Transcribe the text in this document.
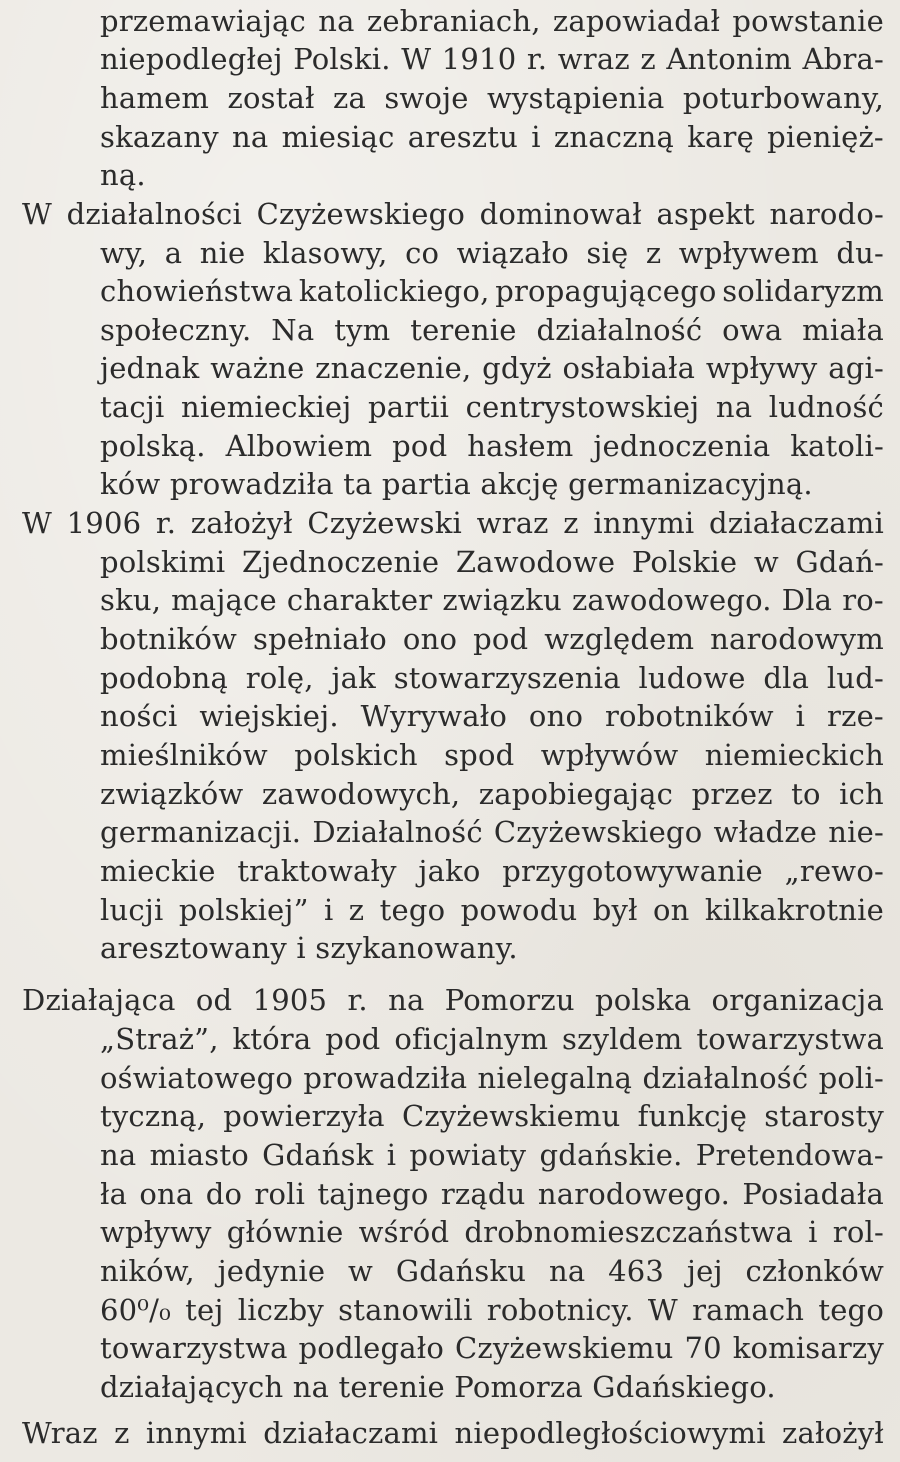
przemawiając na zebraniach, zapowiadał powstanie
niepodległej Polski. W 1910 r. wraz z Antonim Abra-
hamem został za swoje wystąpienia poturbowany,
skazany na miesiąc aresztu i znaczną karę pienięż-
ną.
W działalności Czyżewskiego dominował aspekt narodo-
wy, a nie klasowy, co wiązało się z wpływem du-
chowieństwa katolickiego, propagującego solidaryzm
społeczny. Na tym terenie działalność owa miała
jednak ważne znaczenie, gdyż osłabiała wpływy agi-
tacji niemieckiej partii centrystowskiej na ludność
polską. Albowiem pod hasłem jednoczenia katoli-
ków prowadziła ta partia akcję germanizacyjną.
W 1906 r. założył Czyżewski wraz z innymi działaczami
polskimi Zjednoczenie Zawodowe Polskie w Gdań-
sku, mające charakter związku zawodowego. Dla ro-
botników spełniało ono pod względem narodowym
podobną rolę, jak stowarzyszenia ludowe dla lud-
ności wiejskiej. Wyrywało ono robotników i rze-
mieślników polskich spod wpływów niemieckich
związków zawodowych, zapobiegając przez to ich
germanizacji. Działalność Czyżewskiego władze nie-
mieckie traktowały jako przygotowywanie „rewo-
lucji polskiej” i z tego powodu był on kilkakrotnie
aresztowany i szykanowany.
Działająca od 1905 r. na Pomorzu polska organizacja
„Straż”, która pod oficjalnym szyldem towarzystwa
oświatowego prowadziła nielegalną działalność poli-
tyczną, powierzyła Czyżewskiemu funkcję starosty
na miasto Gdańsk i powiaty gdańskie. Pretendowa-
ła ona do roli tajnego rządu narodowego. Posiadała
wpływy głównie wśród drobnomieszczaństwa i rol-
ników, jedynie w Gdańsku na 463 jej członków
60⁰/₀ tej liczby stanowili robotnicy. W ramach tego
towarzystwa podlegało Czyżewskiemu 70 komisarzy
działających na terenie Pomorza Gdańskiego.
Wraz z innymi działaczami niepodległościowymi założył
